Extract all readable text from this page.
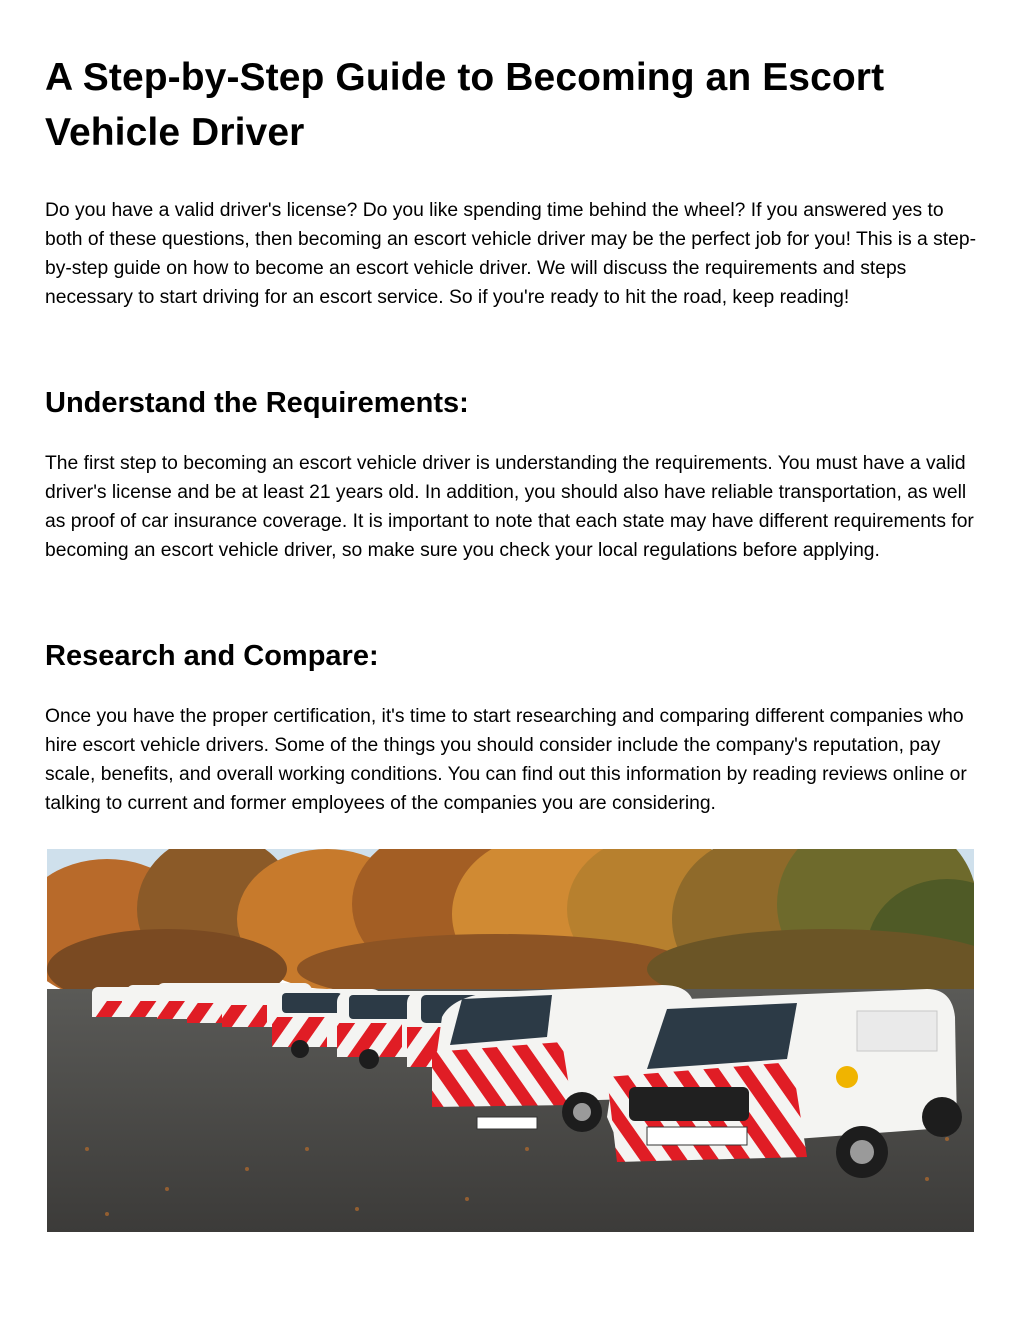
A Step-by-Step Guide to Becoming an Escort Vehicle Driver

Do you have a valid driver's license? Do you like spending time behind the wheel? If you answered yes to both of these questions, then becoming an escort vehicle driver may be the perfect job for you! This is a step-by-step guide on how to become an escort vehicle driver. We will discuss the requirements and steps necessary to start driving for an escort service. So if you're ready to hit the road, keep reading!

Understand the Requirements:

The first step to becoming an escort vehicle driver is understanding the requirements. You must have a valid driver's license and be at least 21 years old. In addition, you should also have reliable transportation, as well as proof of car insurance coverage. It is important to note that each state may have different requirements for becoming an escort vehicle driver, so make sure you check your local regulations before applying.

Research and Compare:

Once you have the proper certification, it's time to start researching and comparing different companies who hire escort vehicle drivers. Some of the things you should consider include the company's reputation, pay scale, benefits, and overall working conditions. You can find out this information by reading reviews online or talking to current and former employees of the companies you are considering.
